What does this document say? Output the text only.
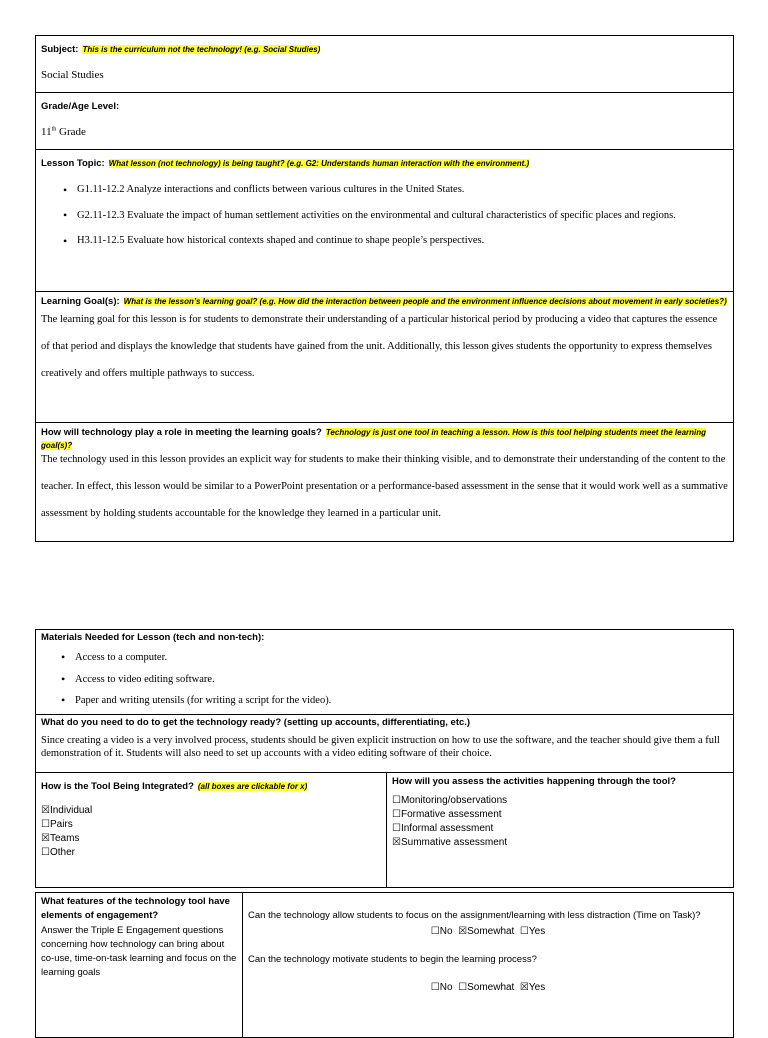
Subject: This is the curriculum not the technology! (e.g. Social Studies)
Social Studies

Grade/Age Level:
11th Grade

Lesson Topic: What lesson (not technology) is being taught? (e.g. G2: Understands human interaction with the environment.)
• G1.11-12.2 Analyze interactions and conflicts between various cultures in the United States.
• G2.11-12.3 Evaluate the impact of human settlement activities on the environmental and cultural characteristics of specific places and regions.
• H3.11-12.5 Evaluate how historical contexts shaped and continue to shape people’s perspectives.

Learning Goal(s): What is the lesson’s learning goal? (e.g. How did the interaction between people and the environment influence decisions about movement in early societies?)

The learning goal for this lesson is for students to demonstrate their understanding of a particular historical period by producing a video that captures the essence of that period and displays the knowledge that students have gained from the unit. Additionally, this lesson gives students the opportunity to express themselves creatively and offers multiple pathways to success.

How will technology play a role in meeting the learning goals? Technology is just one tool in teaching a lesson. How is this tool helping students meet the learning goal(s)?

The technology used in this lesson provides an explicit way for students to make their thinking visible, and to demonstrate their understanding of the content to the teacher. In effect, this lesson would be similar to a PowerPoint presentation or a performance-based assessment in the sense that it would work well as a summative assessment by holding students accountable for the knowledge they learned in a particular unit.

Materials Needed for Lesson (tech and non-tech):
• Access to a computer.
• Access to video editing software.
• Paper and writing utensils (for writing a script for the video).

What do you need to do to get the technology ready? (setting up accounts, differentiating, etc.)

Since creating a video is a very involved process, students should be given explicit instruction on how to use the software, and the teacher should give them a full demonstration of it. Students will also need to set up accounts with a video editing software of their choice.

How is the Tool Being Integrated? (all boxes are clickable for x)
☒Individual
☐Pairs
☒Teams
☐Other

How will you assess the activities happening through the tool?
☐Monitoring/observations
☐Formative assessment
☐Informal assessment
☒Summative assessment
What features of the technology tool have elements of engagement?
Answer the Triple E Engagement questions concerning how technology can bring about co-use, time-on-task learning and focus on the learning goals

Can the technology allow students to focus on the assignment/learning with less distraction (Time on Task)?
☐No ☒Somewhat ☐Yes
Can the technology motivate students to begin the learning process?
☐No ☐Somewhat ☒Yes
